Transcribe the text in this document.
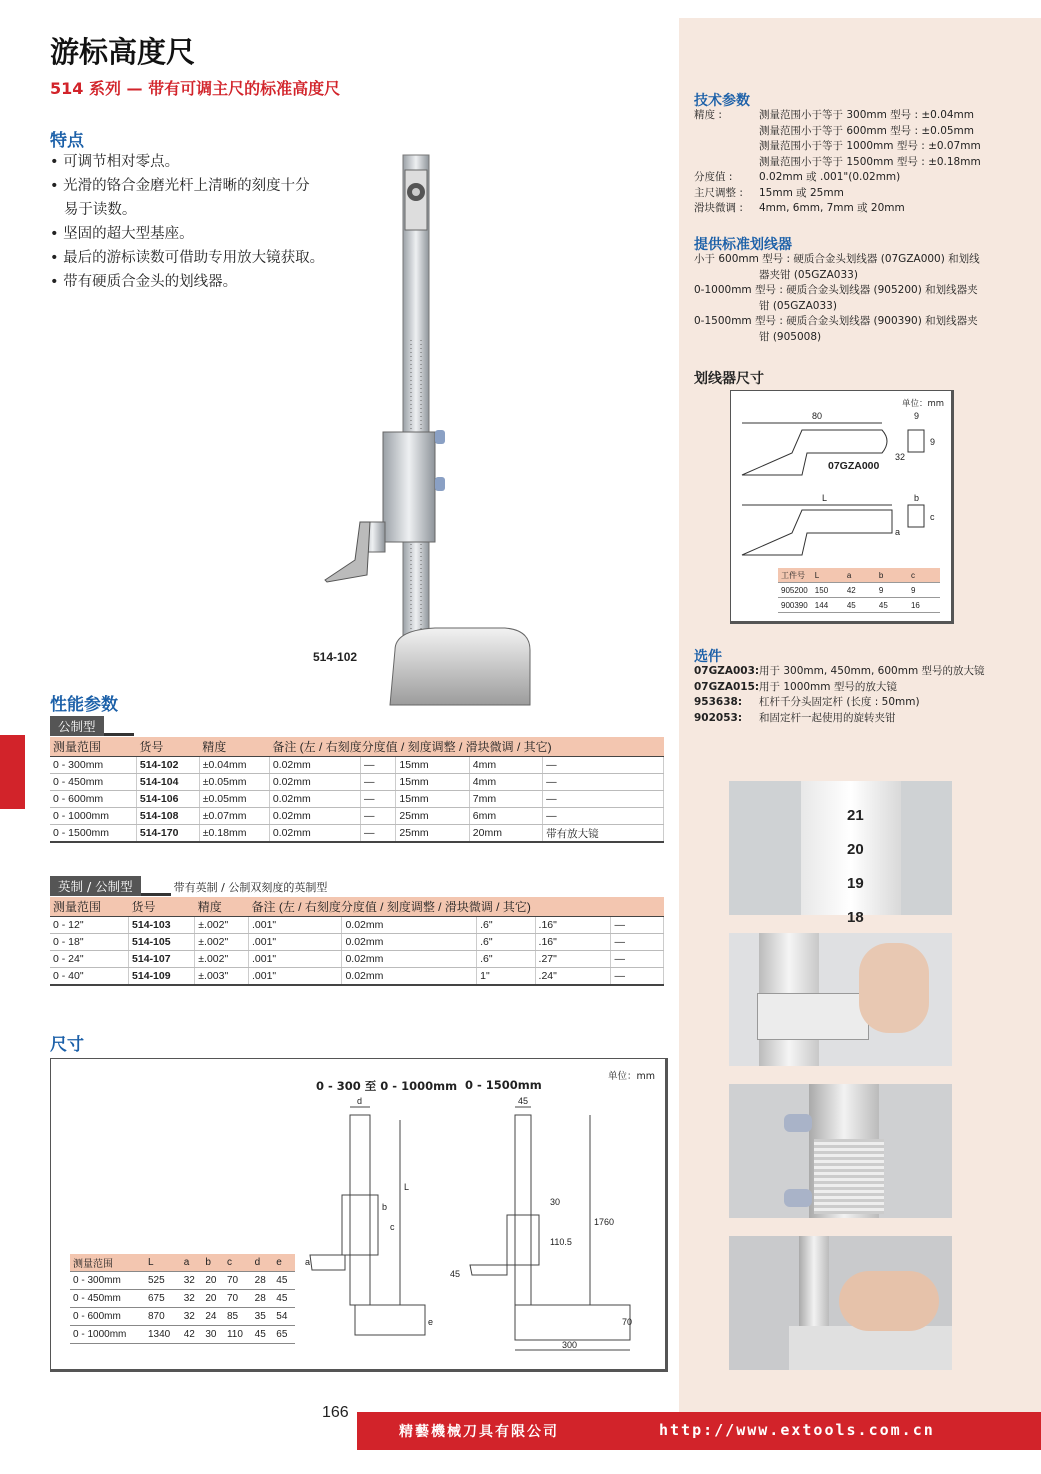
游标高度尺
514 系列 — 带有可调主尺的标准高度尺
特点
• 可调节相对零点。
• 光滑的铬合金磨光杆上清晰的刻度十分
易于读数。
• 坚固的超大型基座。
• 最后的游标读数可借助专用放大镜获取。
• 带有硬质合金头的划线器。
514-102
性能参数
公制型
测量范围	货号	精度	备注 (左 / 右刻度分度值 / 刻度调整 / 滑块微调 / 其它)				
0 - 300mm	514-102	±0.04mm	0.02mm	—	15mm	4mm	—
0 - 450mm	514-104	±0.05mm	0.02mm	—	15mm	4mm	—
0 - 600mm	514-106	±0.05mm	0.02mm	—	15mm	7mm	—
0 - 1000mm	514-108	±0.07mm	0.02mm	—	25mm	6mm	—
0 - 1500mm	514-170	±0.18mm	0.02mm	—	25mm	20mm	带有放大镜
英制 / 公制型	带有英制 / 公制双刻度的英制型
测量范围	货号	精度	备注 (左 / 右刻度分度值 / 刻度调整 / 滑块微调 / 其它)				
0 - 12"	514-103	±.002"	.001"	0.02mm	.6"	.16"	—
0 - 18"	514-105	±.002"	.001"	0.02mm	.6"	.16"	—
0 - 24"	514-107	±.002"	.001"	0.02mm	.6"	.27"	—
0 - 40"	514-109	±.003"	.001"	0.02mm	1"	.24"	—
尺寸
单位：mm
0 - 300 至 0 - 1000mm 0 - 1500mm
d	45
L
b
c
a
e
30
110.5
1760
45
70
300
测量范围	L	a	b	c	d	e
0 - 300mm	525	32	20	70	28	45
0 - 450mm	675	32	20	70	28	45
0 - 600mm	870	32	24	85	35	54
0 - 1000mm	1340	42	30	110	45	65
技术参数
精度 :	测量范围小于等于 300mm 型号 : ±0.04mm
测量范围小于等于 600mm 型号 : ±0.05mm
测量范围小于等于 1000mm 型号 : ±0.07mm
测量范围小于等于 1500mm 型号 : ±0.18mm
分度值 :	0.02mm 或 .001"(0.02mm)
主尺调整 :	15mm 或 25mm
滑块微调 :	4mm, 6mm, 7mm 或 20mm
提供标准划线器
小于 600mm 型号 : 硬质合金头划线器 (07GZA000) 和划线
器夹钳 (05GZA033)
0-1000mm 型号 : 硬质合金头划线器 (905200) 和划线器夹
钳 (05GZA033)
0-1500mm 型号 : 硬质合金头划线器 (900390) 和划线器夹
钳 (905008)
划线器尺寸
单位：mm
80	9
9
32
07GZA000
L	b
c
a
工件号	L	a	b	c
905200	150	42	9	9
900390	144	45	45	16
选件
07GZA003: 用于 300mm, 450mm, 600mm 型号的放大镜
07GZA015: 用于 1000mm 型号的放大镜
953638:	杠杆千分头固定杆 (长度 : 50mm)
902053:	和固定杆一起使用的旋转夹钳
21
20
19
18
166
精藝機械刀具有限公司	http://www.extools.com.cn
